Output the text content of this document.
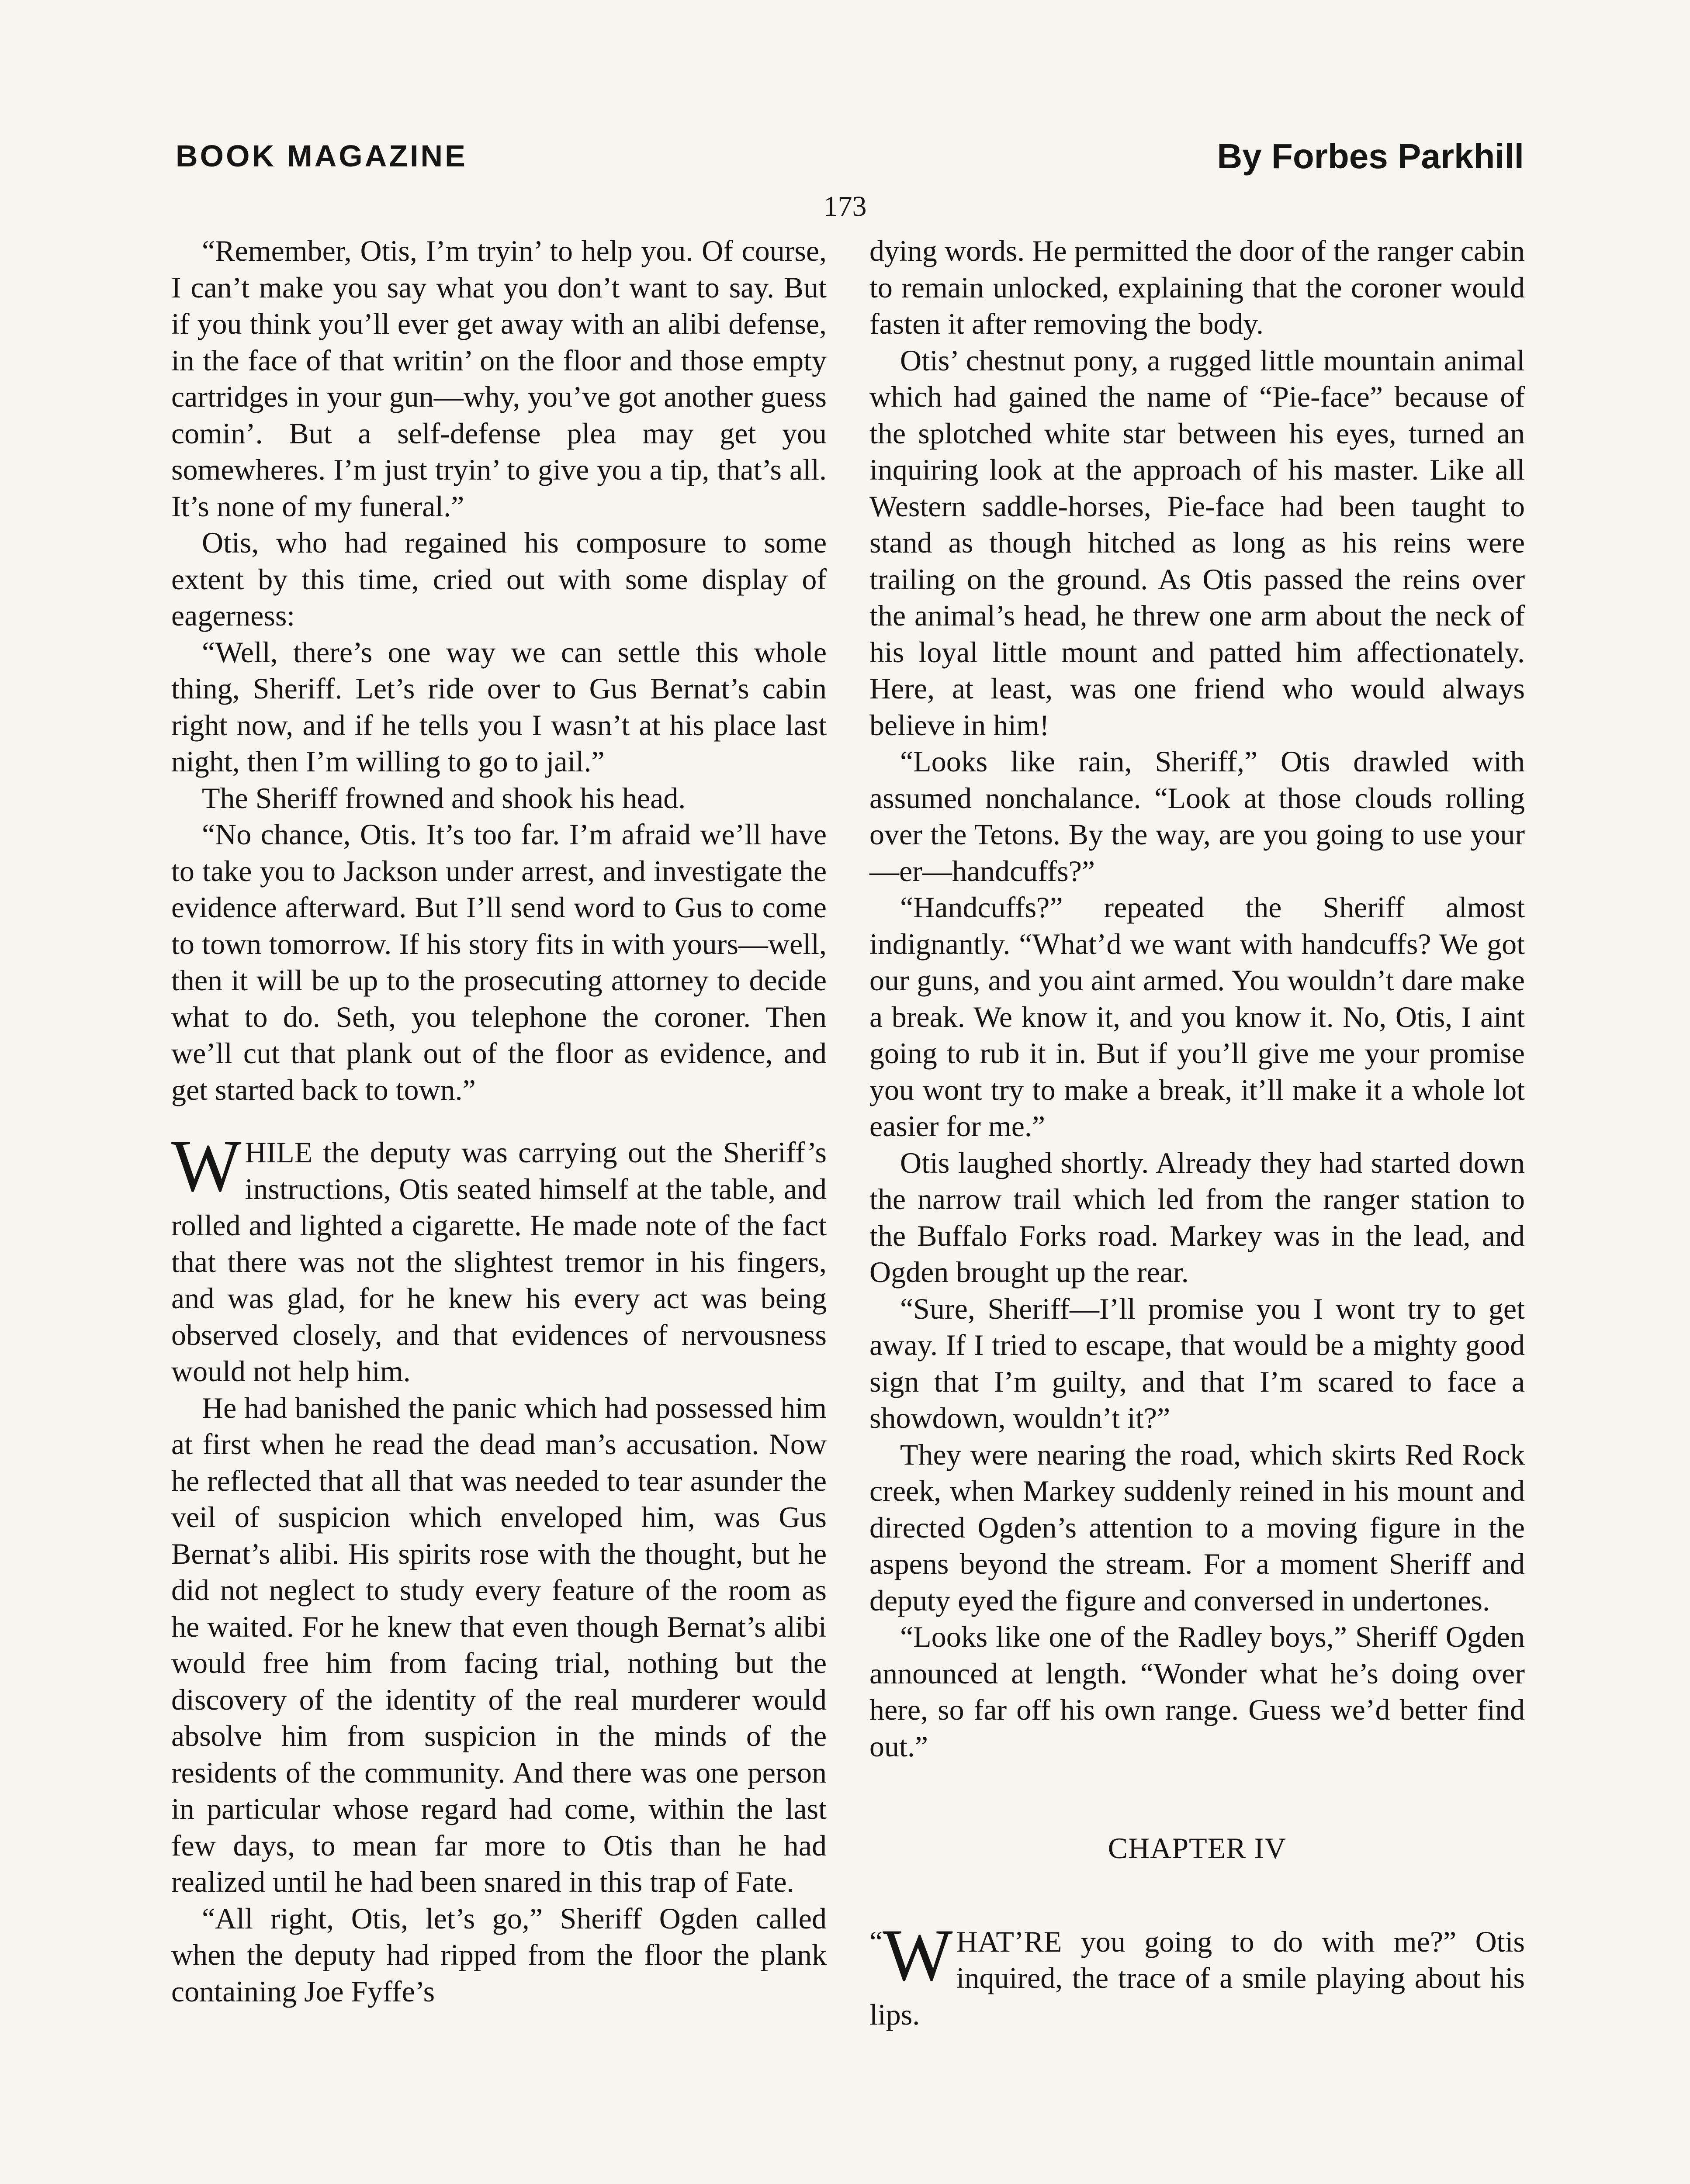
BOOK MAGAZINE	By Forbes Parkhill
173

“Remember, Otis, I’m tryin’ to help you. Of course, I can’t make you say what you don’t want to say. But if you think you’ll ever get away with an alibi defense, in the face of that writin’ on the floor and those empty cartridges in your gun—why, you’ve got another guess comin’. But a self-defense plea may get you somewheres. I’m just tryin’ to give you a tip, that’s all. It’s none of my funeral.”

Otis, who had regained his composure to some extent by this time, cried out with some display of eagerness:

“Well, there’s one way we can settle this whole thing, Sheriff. Let’s ride over to Gus Bernat’s cabin right now, and if he tells you I wasn’t at his place last night, then I’m willing to go to jail.”

The Sheriff frowned and shook his head.

“No chance, Otis. It’s too far. I’m afraid we’ll have to take you to Jackson under arrest, and investigate the evidence afterward. But I’ll send word to Gus to come to town tomorrow. If his story fits in with yours—well, then it will be up to the prosecuting attorney to decide what to do. Seth, you telephone the coroner. Then we’ll cut that plank out of the floor as evidence, and get started back to town.”

WHILE the deputy was carrying out the Sheriff’s instructions, Otis seated himself at the table, and rolled and lighted a cigarette. He made note of the fact that there was not the slightest tremor in his fingers, and was glad, for he knew his every act was being observed closely, and that evidences of nervousness would not help him.

He had banished the panic which had possessed him at first when he read the dead man’s accusation. Now he reflected that all that was needed to tear asunder the veil of suspicion which enveloped him, was Gus Bernat’s alibi. His spirits rose with the thought, but he did not neglect to study every feature of the room as he waited. For he knew that even though Bernat’s alibi would free him from facing trial, nothing but the discovery of the identity of the real murderer would absolve him from suspicion in the minds of the residents of the community. And there was one person in particular whose regard had come, within the last few days, to mean far more to Otis than he had realized until he had been snared in this trap of Fate.

“All right, Otis, let’s go,” Sheriff Ogden called when the deputy had ripped from the floor the plank containing Joe Fyffe’s

dying words. He permitted the door of the ranger cabin to remain unlocked, explaining that the coroner would fasten it after removing the body.

Otis’ chestnut pony, a rugged little mountain animal which had gained the name of “Pie-face” because of the splotched white star between his eyes, turned an inquiring look at the approach of his master. Like all Western saddle-horses, Pie-face had been taught to stand as though hitched as long as his reins were trailing on the ground. As Otis passed the reins over the animal’s head, he threw one arm about the neck of his loyal little mount and patted him affectionately. Here, at least, was one friend who would always believe in him!

“Looks like rain, Sheriff,” Otis drawled with assumed nonchalance. “Look at those clouds rolling over the Tetons. By the way, are you going to use your—er—handcuffs?”

“Handcuffs?” repeated the Sheriff almost indignantly. “What’d we want with handcuffs? We got our guns, and you aint armed. You wouldn’t dare make a break. We know it, and you know it. No, Otis, I aint going to rub it in. But if you’ll give me your promise you wont try to make a break, it’ll make it a whole lot easier for me.”

Otis laughed shortly. Already they had started down the narrow trail which led from the ranger station to the Buffalo Forks road. Markey was in the lead, and Ogden brought up the rear.

“Sure, Sheriff—I’ll promise you I wont try to get away. If I tried to escape, that would be a mighty good sign that I’m guilty, and that I’m scared to face a showdown, wouldn’t it?”

They were nearing the road, which skirts Red Rock creek, when Markey suddenly reined in his mount and directed Ogden’s attention to a moving figure in the aspens beyond the stream. For a moment Sheriff and deputy eyed the figure and conversed in undertones.

“Looks like one of the Radley boys,” Sheriff Ogden announced at length. “Wonder what he’s doing over here, so far off his own range. Guess we’d better find out.”

CHAPTER IV

“ W HAT’RE you going to do with me?” Otis inquired, the trace of a smile playing about his lips.
